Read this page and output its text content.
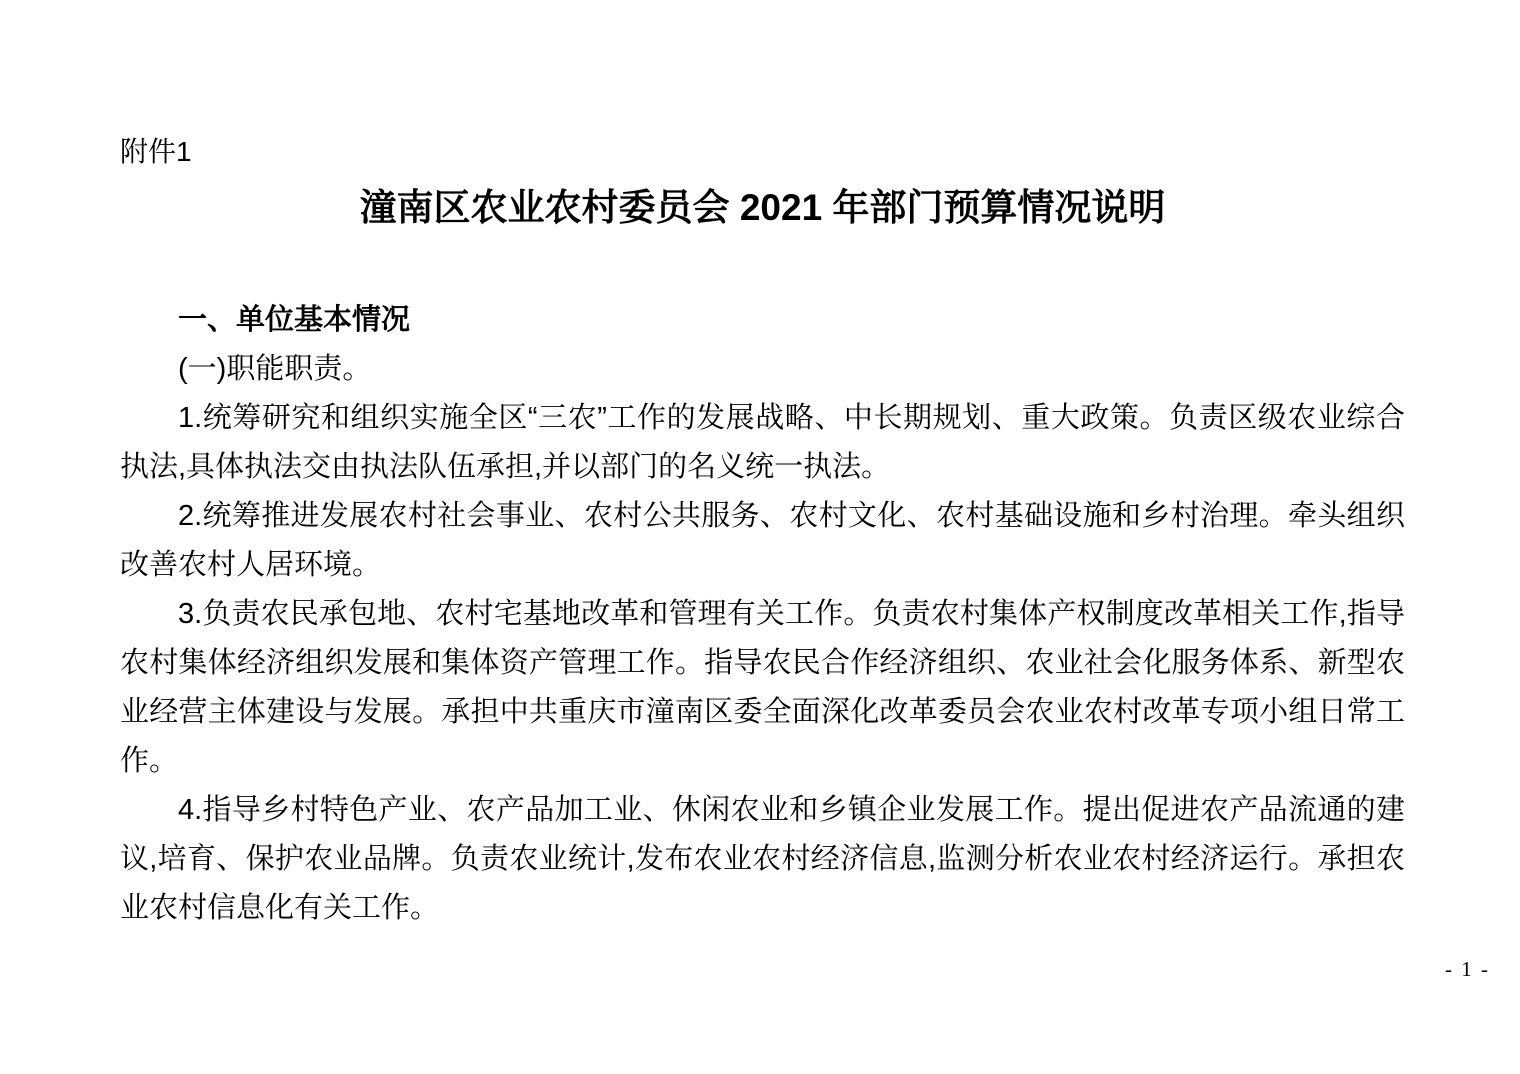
附件1

潼南区农业农村委员会 2021 年部门预算情况说明

一、单位基本情况

(一)职能职责。

1.统筹研究和组织实施全区“三农”工作的发展战略、中长期规划、重大政策。负责区级农业综合执法,具体执法交由执法队伍承担,并以部门的名义统一执法。

2.统筹推进发展农村社会事业、农村公共服务、农村文化、农村基础设施和乡村治理。牵头组织改善农村人居环境。

3.负责农民承包地、农村宅基地改革和管理有关工作。负责农村集体产权制度改革相关工作,指导农村集体经济组织发展和集体资产管理工作。指导农民合作经济组织、农业社会化服务体系、新型农业经营主体建设与发展。承担中共重庆市潼南区委全面深化改革委员会农业农村改革专项小组日常工作。

4.指导乡村特色产业、农产品加工业、休闲农业和乡镇企业发展工作。提出促进农产品流通的建议,培育、保护农业品牌。负责农业统计,发布农业农村经济信息,监测分析农业农村经济运行。承担农业农村信息化有关工作。

- 1 -
